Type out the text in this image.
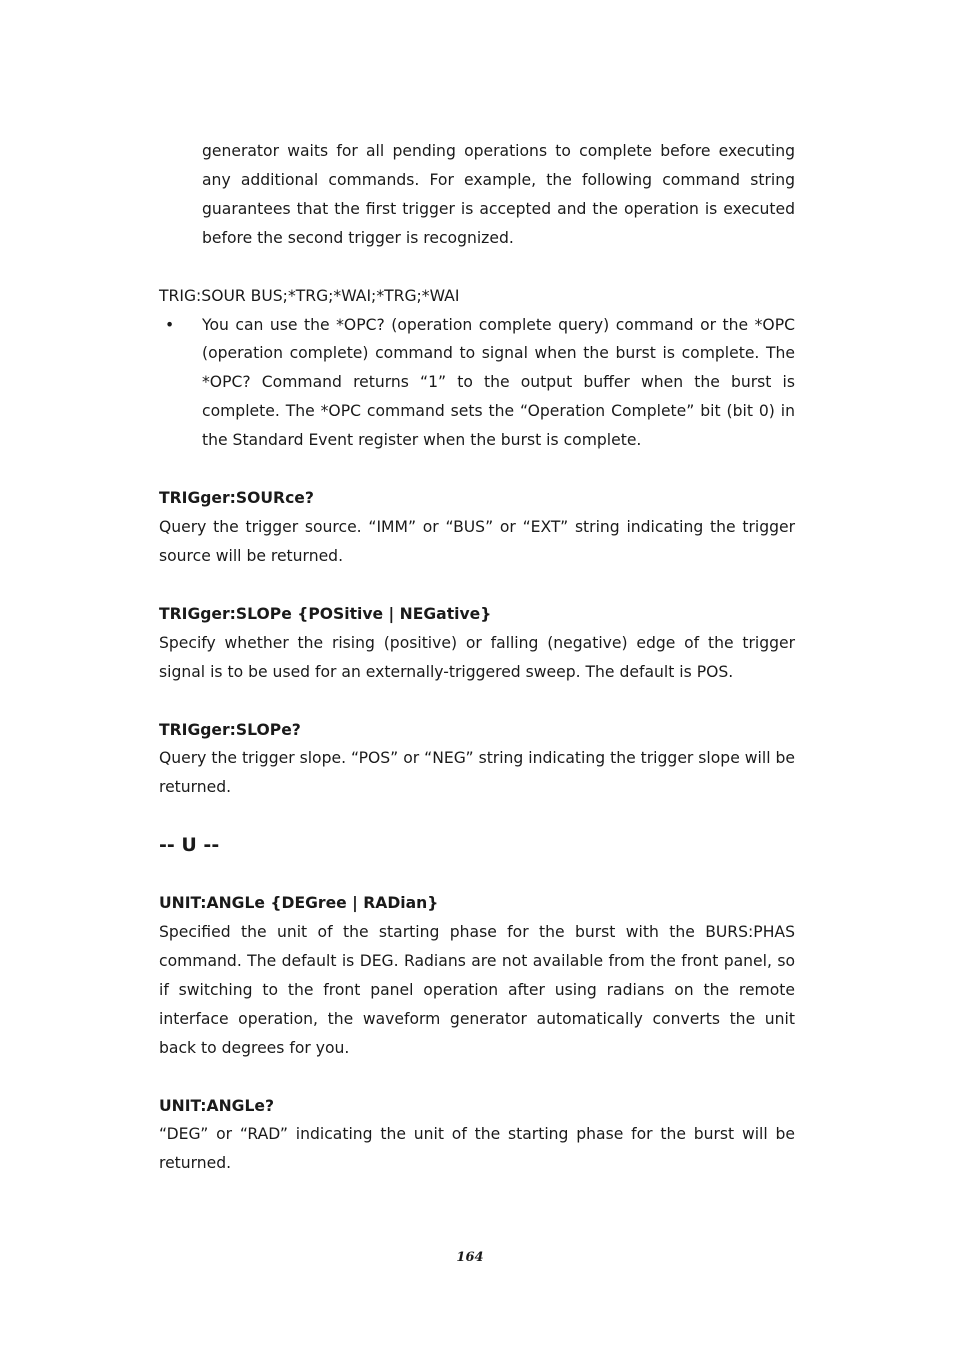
generator waits for all pending operations to complete before executing any additional commands. For example, the following command string guarantees that the first trigger is accepted and the operation is executed before the second trigger is recognized.

TRIG:SOUR BUS;*TRG;*WAI;*TRG;*WAI

• You can use the *OPC? (operation complete query) command or the *OPC (operation complete) command to signal when the burst is complete. The *OPC? Command returns “1” to the output buffer when the burst is complete. The *OPC command sets the “Operation Complete” bit (bit 0) in the Standard Event register when the burst is complete.

TRIGger:SOURce?

Query the trigger source. “IMM” or “BUS” or “EXT” string indicating the trigger source will be returned.

TRIGger:SLOPe {POSitive | NEGative}

Specify whether the rising (positive) or falling (negative) edge of the trigger signal is to be used for an externally-triggered sweep. The default is POS.

TRIGger:SLOPe?

Query the trigger slope. “POS” or “NEG” string indicating the trigger slope will be returned.

-- U --
UNIT:ANGLe {DEGree | RADian}

Specified the unit of the starting phase for the burst with the BURS:PHAS command. The default is DEG. Radians are not available from the front panel, so if switching to the front panel operation after using radians on the remote interface operation, the waveform generator automatically converts the unit back to degrees for you.

UNIT:ANGLe?

“DEG” or “RAD” indicating the unit of the starting phase for the burst will be returned.

164
